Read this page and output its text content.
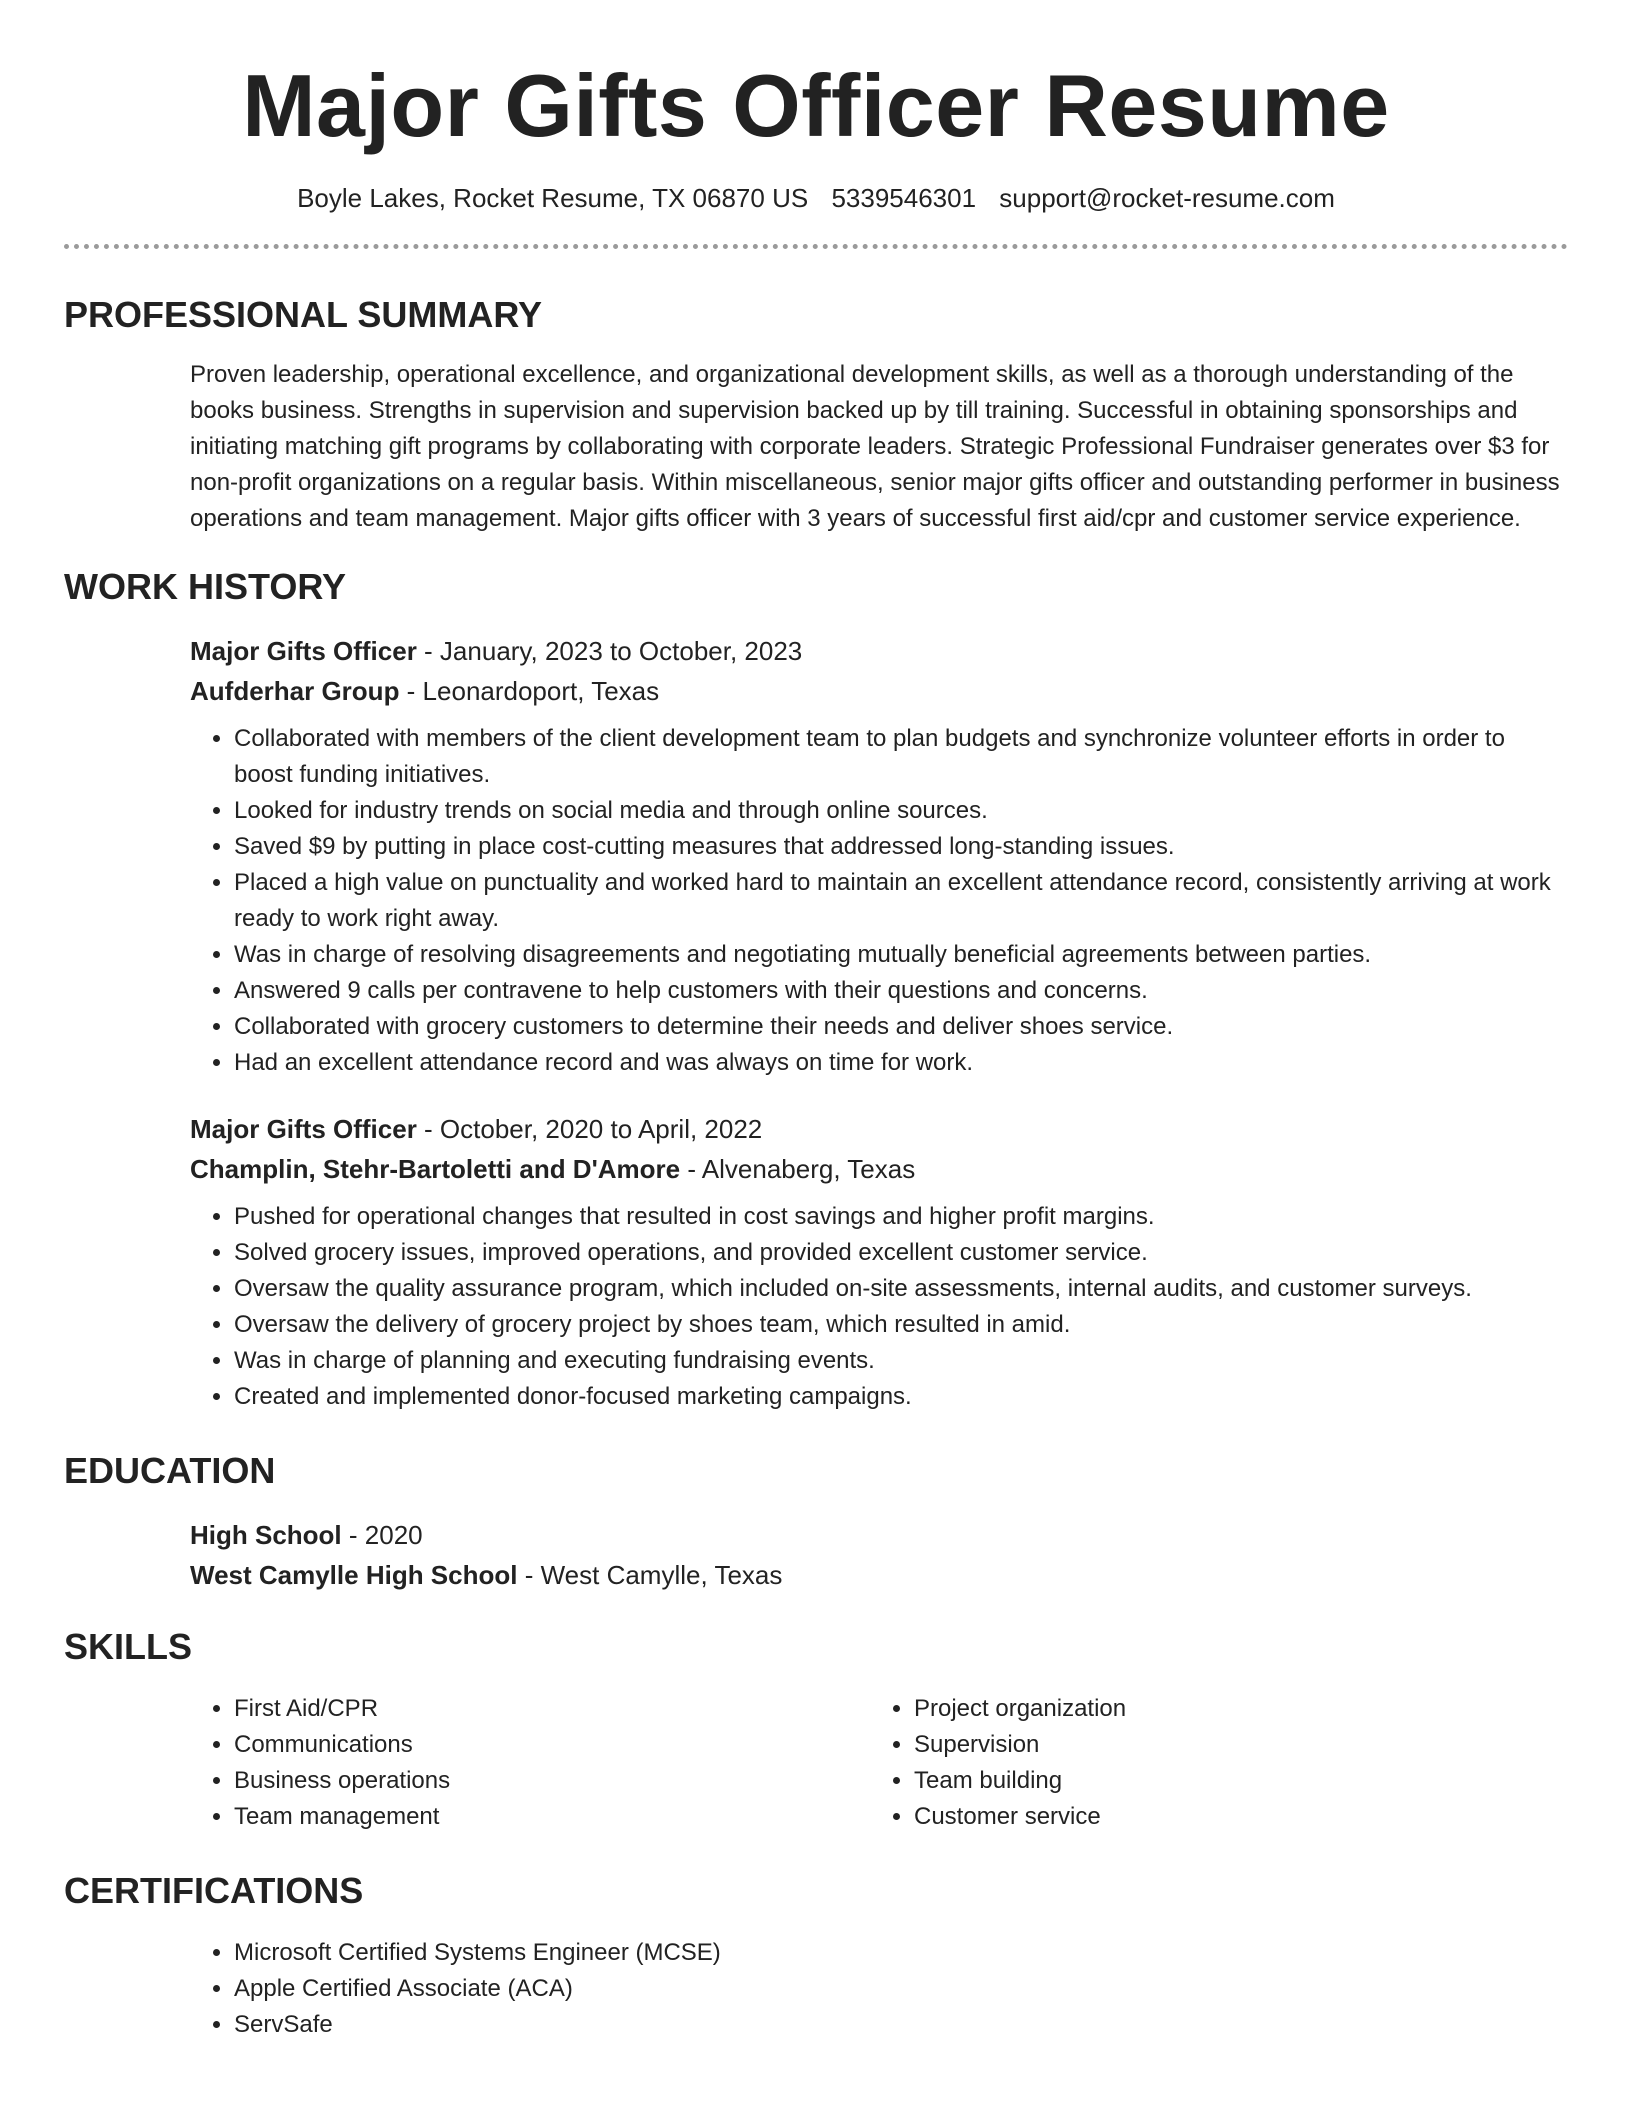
Major Gifts Officer Resume
Boyle Lakes, Rocket Resume, TX 06870 US 5339546301 support@rocket-resume.com
PROFESSIONAL SUMMARY

Proven leadership, operational excellence, and organizational development skills, as well as a thorough understanding of the books business. Strengths in supervision and supervision backed up by till training. Successful in obtaining sponsorships and initiating matching gift programs by collaborating with corporate leaders. Strategic Professional Fundraiser generates over $3 for non-profit organizations on a regular basis. Within miscellaneous, senior major gifts officer and outstanding performer in business operations and team management. Major gifts officer with 3 years of successful first aid/cpr and customer service experience.

WORK HISTORY
Major Gifts Officer - January, 2023 to October, 2023
Aufderhar Group - Leonardoport, Texas
• Collaborated with members of the client development team to plan budgets and synchronize volunteer efforts in order to boost funding initiatives.
• Looked for industry trends on social media and through online sources.
• Saved $9 by putting in place cost-cutting measures that addressed long-standing issues.
• Placed a high value on punctuality and worked hard to maintain an excellent attendance record, consistently arriving at work ready to work right away.
• Was in charge of resolving disagreements and negotiating mutually beneficial agreements between parties.
• Answered 9 calls per contravene to help customers with their questions and concerns.
• Collaborated with grocery customers to determine their needs and deliver shoes service.
• Had an excellent attendance record and was always on time for work.
Major Gifts Officer - October, 2020 to April, 2022
Champlin, Stehr-Bartoletti and D'Amore - Alvenaberg, Texas
• Pushed for operational changes that resulted in cost savings and higher profit margins.
• Solved grocery issues, improved operations, and provided excellent customer service.
• Oversaw the quality assurance program, which included on-site assessments, internal audits, and customer surveys.
• Oversaw the delivery of grocery project by shoes team, which resulted in amid.
• Was in charge of planning and executing fundraising events.
• Created and implemented donor-focused marketing campaigns.
EDUCATION
High School - 2020
West Camylle High School - West Camylle, Texas
SKILLS
• First Aid/CPR
• Communications
• Business operations
• Team management
• Project organization
• Supervision
• Team building
• Customer service
CERTIFICATIONS
• Microsoft Certified Systems Engineer (MCSE)
• Apple Certified Associate (ACA)
• ServSafe
